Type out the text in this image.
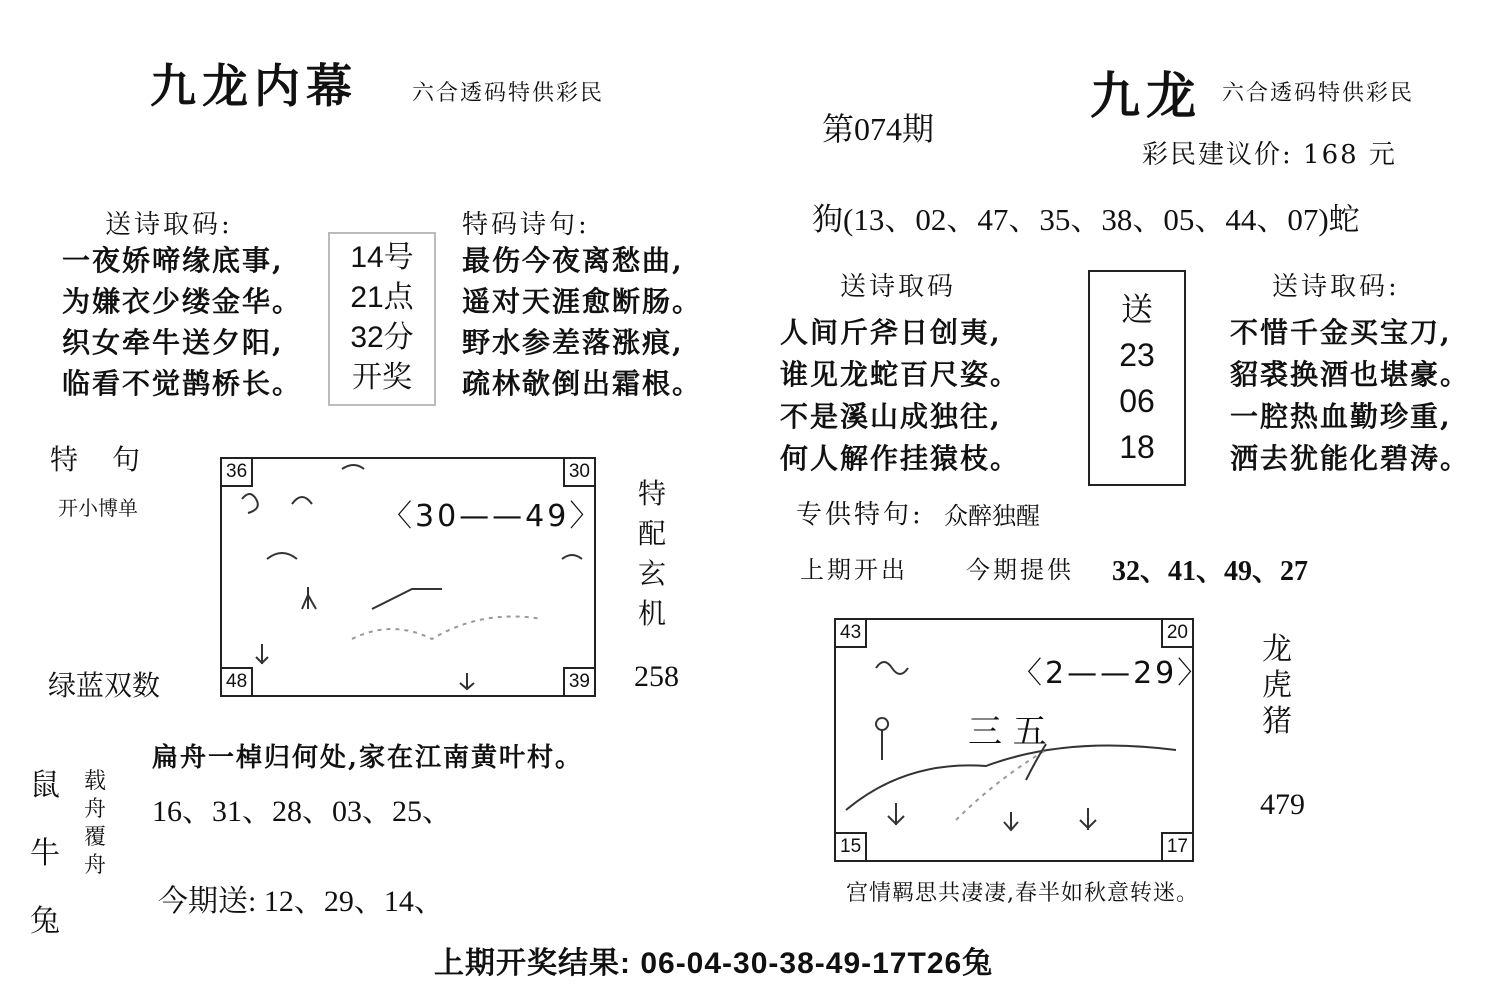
九龙内幕 六合透码特供彩民
送诗取码:
一夜娇啼缘底事,
为嫌衣少缕金华。
织女牵牛送夕阳,
临看不觉鹊桥长。
14号
21点
32分
开奖
特码诗句:
最伤今夜离愁曲,
遥对天涯愈断肠。
野水参差落涨痕,
疏林欹倒出霜根。
特　句
开小博单	〈30——49〉
36	30
48	39
特
配
玄
机
258
绿蓝双数
鼠
牛
兔
载
舟
覆
舟
扁舟一棹归何处,家在江南黄叶村。
16、31、28、03、25、
今期送: 12、29、14、
九龙 六合透码特供彩民
第074期
彩民建议价: 168 元
狗(13、02、47、35、38、05、44、07)蛇
送诗取码
人间斤斧日创夷,
谁见龙蛇百尺姿。
不是溪山成独往,
何人解作挂猿枝。
送
23
06
18
送诗取码:
不惜千金买宝刀,
貂裘换酒也堪豪。
一腔热血勤珍重,
洒去犹能化碧涛。
专供特句: 众醉独醒
上期开出 今期提供 32、41、49、27
〈2——29〉
三 五
43	20
15	17
龙
虎
猪
479
宫情羁思共凄凄,春半如秋意转迷。
上期开奖结果: 06-04-30-38-49-17T26兔
